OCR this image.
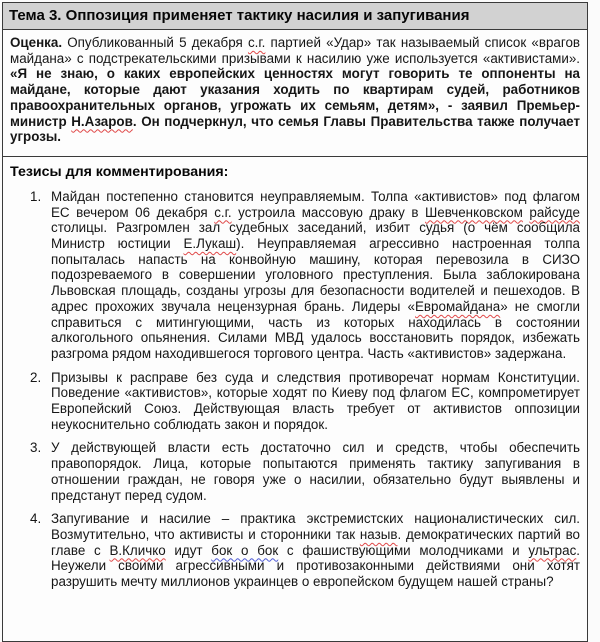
Тема 3. Оппозиция применяет тактику насилия и запугивания
Оценка. Опубликованный 5 декабря с.г. партией «Удар» так называемый список «врагов майдана» с подстрекательскими призывами к насилию уже используется «активистами». «Я не знаю, о каких европейских ценностях могут говорить те оппоненты на майдане, которые дают указания ходить по квартирам судей, работников правоохранительных органов, угрожать их семьям, детям», - заявил Премьер-министр Н.Азаров. Он подчеркнул, что семья Главы Правительства также получает угрозы.
Тезисы для комментирования:
1. Майдан постепенно становится неуправляемым. Толпа «активистов» под флагом ЕС вечером 06 декабря с.г. устроила массовую драку в Шевченковском райсуде столицы. Разгромлен зал судебных заседаний, избит судья (о чём сообщила Министр юстиции Е.Лукаш). Неуправляемая агрессивно настроенная толпа попыталась напасть на конвойную машину, которая перевозила в СИЗО подозреваемого в совершении уголовного преступления. Была заблокирована Львовская площадь, созданы угрозы для безопасности водителей и пешеходов. В адрес прохожих звучала нецензурная брань. Лидеры «Евромайдана» не смогли справиться с митингующими, часть из которых находилась в состоянии алкогольного опьянения. Силами МВД удалось восстановить порядок, избежать разгрома рядом находившегося торгового центра. Часть «активистов» задержана.
2. Призывы к расправе без суда и следствия противоречат нормам Конституции. Поведение «активистов», которые ходят по Киеву под флагом ЕС, компрометирует Европейский Союз. Действующая власть требует от активистов оппозиции неукоснительно соблюдать закон и порядок.
3. У действующей власти есть достаточно сил и средств, чтобы обеспечить правопорядок. Лица, которые попытаются применять тактику запугивания в отношении граждан, не говоря уже о насилии, обязательно будут выявлены и предстанут перед судом.
4. Запугивание и насилие – практика экстремистских националистических сил. Возмутительно, что активисты и сторонники так назыв. демократических партий во главе с В.Кличко идут бок о бок с фашиствующими молодчиками и ультрас. Неужели своими агрессивными и противозаконными действиями они хотят разрушить мечту миллионов украинцев о европейском будущем нашей страны?
